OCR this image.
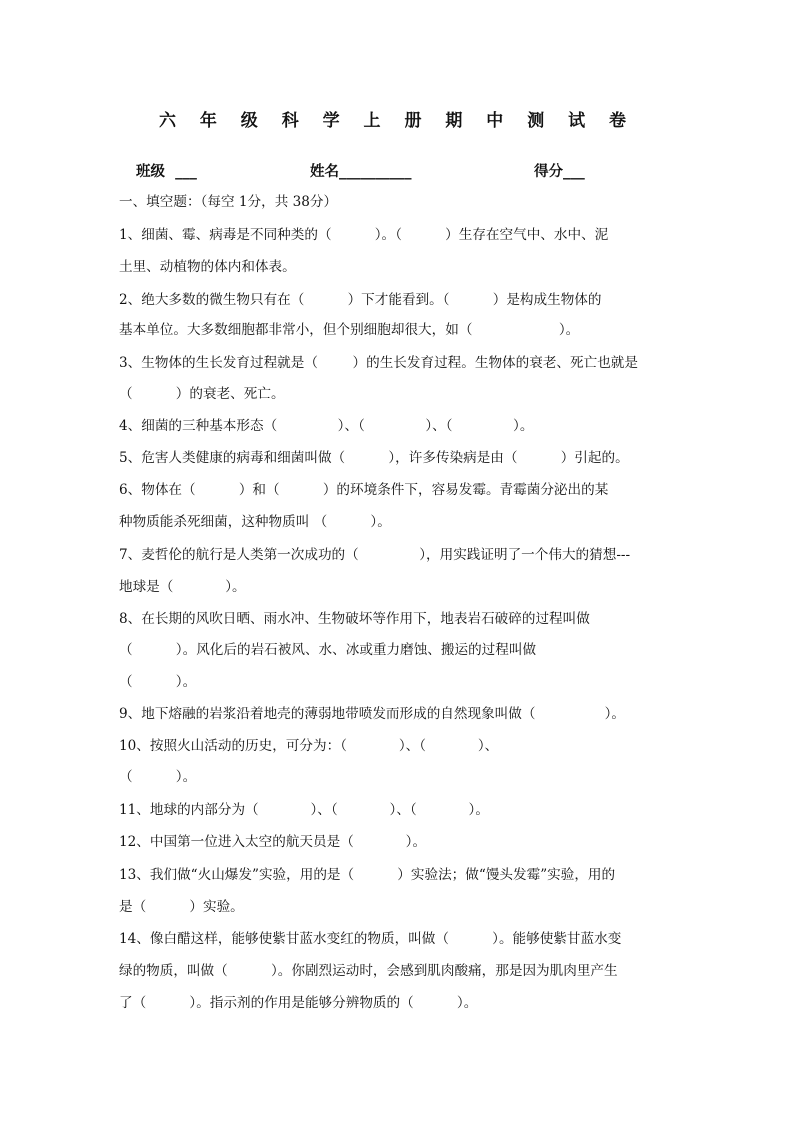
六 年 级 科 学 上 册 期 中 测 试 卷
班级  ___	姓名__________	得分___
一、填空题：（每空 1分，共 38分）
1、细菌、霉、病毒是不同种类的（          ）。（          ）生存在空气中、水中、泥
土里、动植物的体内和体表。
2、绝大多数的微生物只有在（          ）下才能看到。（          ）是构成生物体的
基本单位。大多数细胞都非常小，但个别细胞却很大，如（                    ）。
3、生物体的生长发育过程就是（        ）的生长发育过程。生物体的衰老、死亡也就是
（          ）的衰老、死亡。
4、细菌的三种基本形态（              ）、（              ）、（              ）。
5、危害人类健康的病毒和细菌叫做（          ），许多传染病是由（          ）引起的。
6、物体在（          ）和（          ）的环境条件下，容易发霉。青霉菌分泌出的某
种物质能杀死细菌，这种物质叫 （          ）。
7、麦哲伦的航行是人类第一次成功的（              ），用实践证明了一个伟大的猜想---
地球是（            ）。
8、在长期的风吹日晒、雨水冲、生物破坏等作用下，地表岩石破碎的过程叫做
（          ）。风化后的岩石被风、水、冰或重力磨蚀、搬运的过程叫做
（          ）。
9、地下熔融的岩浆沿着地壳的薄弱地带喷发而形成的自然现象叫做（                ）。
10、按照火山活动的历史，可分为：（            ）、（            ）、
（          ）。
11、地球的内部分为（            ）、（            ）、（            ）。
12、中国第一位进入太空的航天员是（            ）。
13、我们做“火山爆发”实验，用的是（          ）实验法；做“馒头发霉”实验，用的
是（          ）实验。
14、像白醋这样，能够使紫甘蓝水变红的物质，叫做（          ）。能够使紫甘蓝水变
绿的物质，叫做（          ）。你剧烈运动时，会感到肌肉酸痛，那是因为肌肉里产生
了（          ）。指示剂的作用是能够分辨物质的（          ）。
